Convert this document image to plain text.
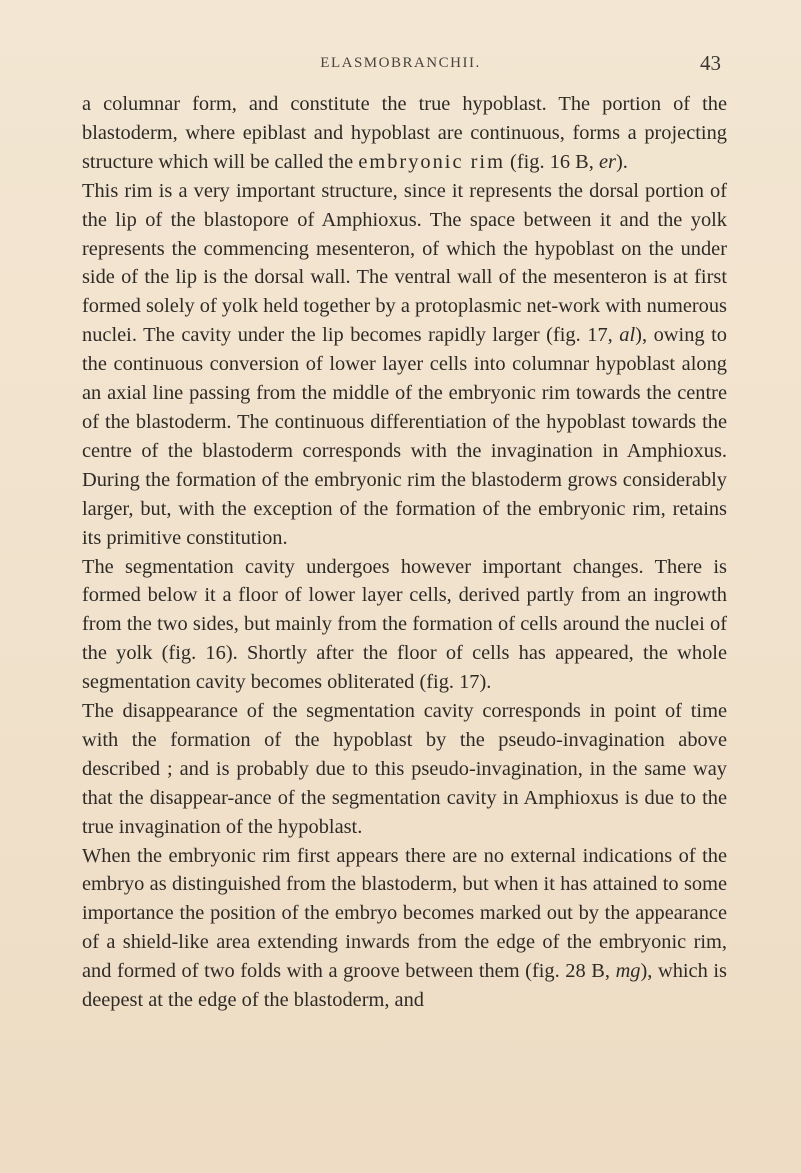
ELASMOBRANCHII.	43

a columnar form, and constitute the true hypoblast. The portion of the blastoderm, where epiblast and hypoblast are continuous, forms a projecting structure which will be called the embryonic rim (fig. 16 B, er).

This rim is a very important structure, since it represents the dorsal portion of the lip of the blastopore of Amphioxus. The space between it and the yolk represents the commencing mesenteron, of which the hypoblast on the under side of the lip is the dorsal wall. The ventral wall of the mesenteron is at first formed solely of yolk held together by a protoplasmic net-work with numerous nuclei. The cavity under the lip becomes rapidly larger (fig. 17, al), owing to the continuous conversion of lower layer cells into columnar hypoblast along an axial line passing from the middle of the embryonic rim towards the centre of the blastoderm. The continuous differentiation of the hypoblast towards the centre of the blastoderm corresponds with the invagination in Amphioxus. During the formation of the embryonic rim the blastoderm grows considerably larger, but, with the exception of the formation of the embryonic rim, retains its primitive constitution.

The segmentation cavity undergoes however important changes. There is formed below it a floor of lower layer cells, derived partly from an ingrowth from the two sides, but mainly from the formation of cells around the nuclei of the yolk (fig. 16). Shortly after the floor of cells has appeared, the whole segmentation cavity becomes obliterated (fig. 17).

The disappearance of the segmentation cavity corresponds in point of time with the formation of the hypoblast by the pseudo-invagination above described ; and is probably due to this pseudo-invagination, in the same way that the disappear-ance of the segmentation cavity in Amphioxus is due to the true invagination of the hypoblast.

When the embryonic rim first appears there are no external indications of the embryo as distinguished from the blastoderm, but when it has attained to some importance the position of the embryo becomes marked out by the appearance of a shield-like area extending inwards from the edge of the embryonic rim, and formed of two folds with a groove between them (fig. 28 B, mg), which is deepest at the edge of the blastoderm, and
